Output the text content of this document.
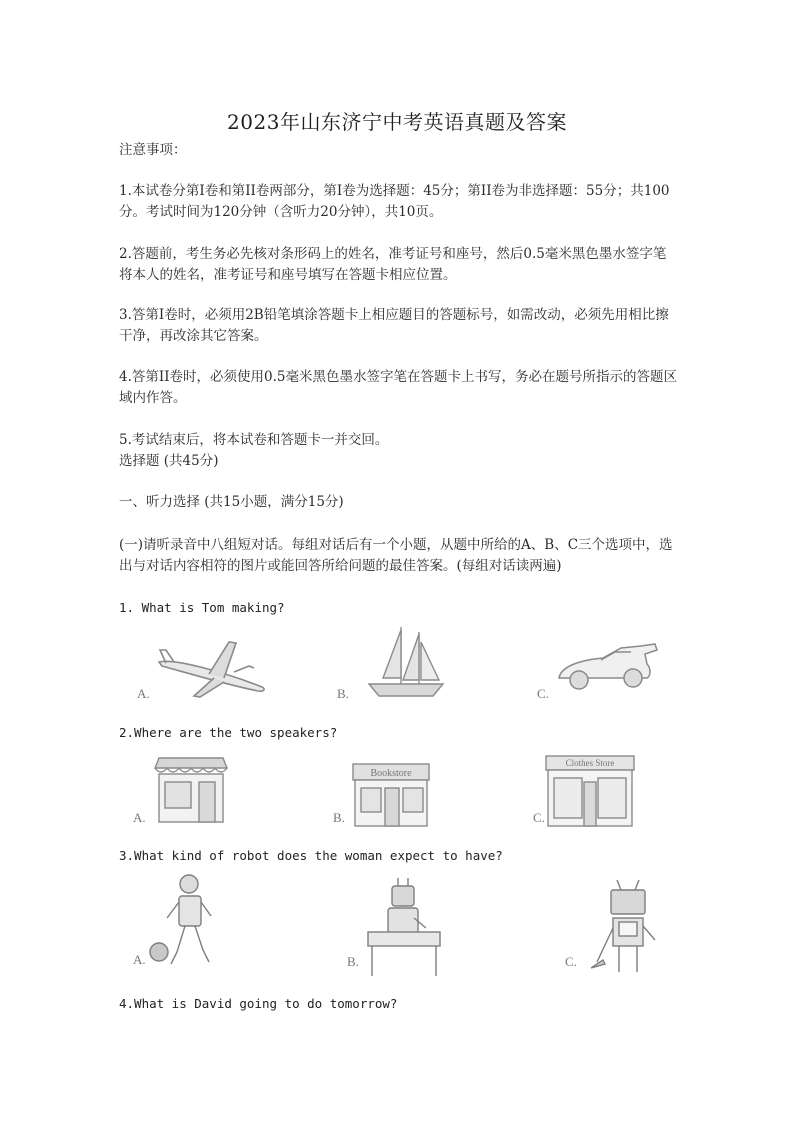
2023年山东济宁中考英语真题及答案

注意事项：

1.本试卷分第I卷和第II卷两部分，第I卷为选择题：45分；第II卷为非选择题：55分；共100分。考试时间为120分钟（含听力20分钟），共10页。

2.答题前，考生务必先核对条形码上的姓名，准考证号和座号，然后0.5毫米黑色墨水签字笔将本人的姓名，准考证号和座号填写在答题卡相应位置。

3.答第I卷时，必须用2B铅笔填涂答题卡上相应题目的答题标号，如需改动，必须先用相比擦干净，再改涂其它答案。

4.答第II卷时，必须使用0.5毫米黑色墨水签字笔在答题卡上书写，务必在题号所指示的答题区域内作答。

5.考试结束后，将本试卷和答题卡一并交回。

选择题 (共45分)

一、听力选择 (共15小题，满分15分)

(一)请听录音中八组短对话。每组对话后有一个小题，从题中所给的A、B、C三个选项中，选出与对话内容相符的图片或能回答所给问题的最佳答案。(每组对话读两遍)

1. What is Tom making?
A.	B.	C.
2.Where are the two speakers?
A.	B.
Bookstore
C.
Clothes Store
3.What kind of robot does the woman expect to have?
A.	B.	C.
4.What is David going to do tomorrow?
